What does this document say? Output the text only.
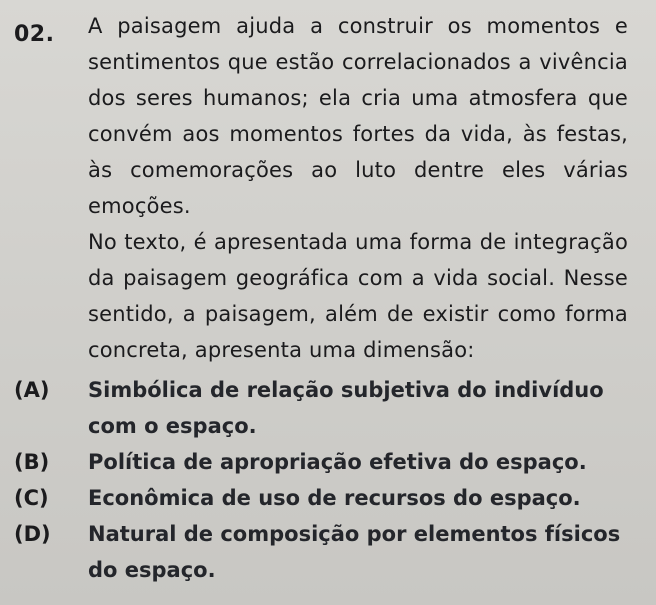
02. A paisagem ajuda a construir os momentos e sentimentos que estão correlacionados a vivência dos seres humanos; ela cria uma atmosfera que convém aos momentos fortes da vida, às festas, às comemorações ao luto dentre eles várias emoções.

No texto, é apresentada uma forma de integração da paisagem geográfica com a vida social. Nesse sentido, a paisagem, além de existir como forma concreta, apresenta uma dimensão:

(A)	Simbólica de relação subjetiva do indivíduo com o espaço.
(B)	Política de apropriação efetiva do espaço.
(C)	Econômica de uso de recursos do espaço.
(D)	Natural de composição por elementos físicos do espaço.
